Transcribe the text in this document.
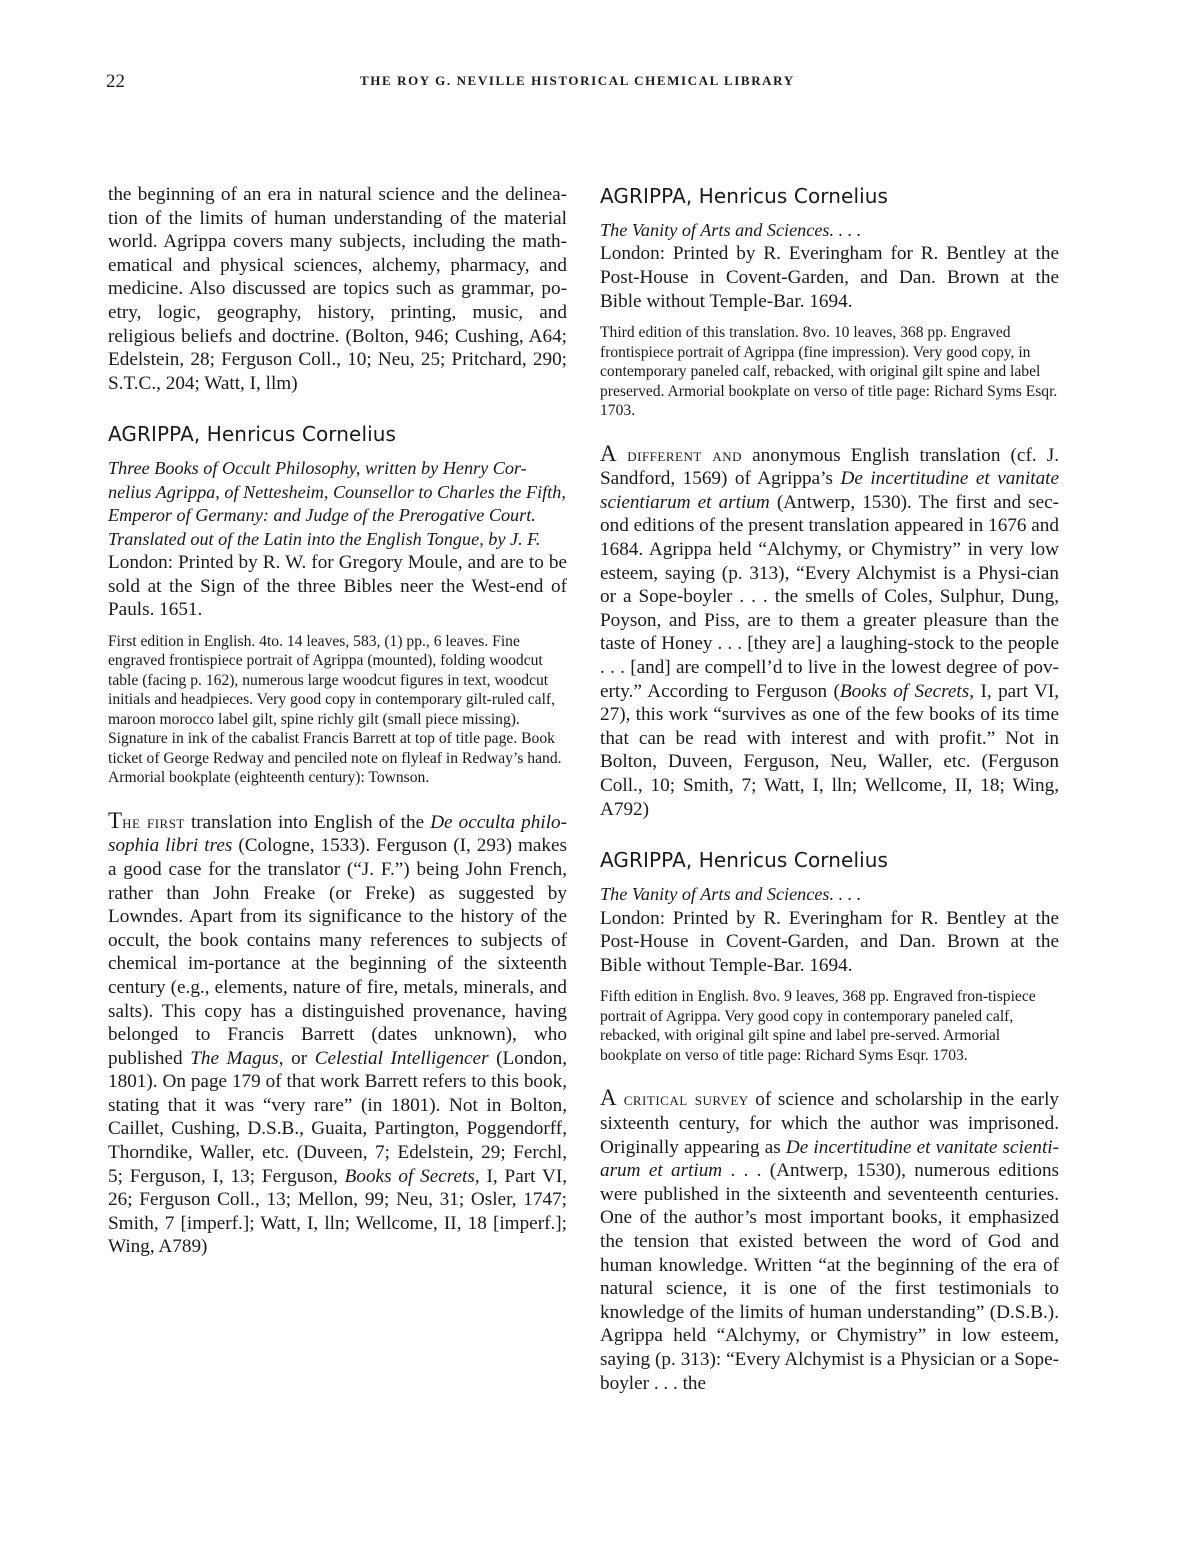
22	THE ROY G. NEVILLE HISTORICAL CHEMICAL LIBRARY

the beginning of an era in natural science and the delinea-tion of the limits of human understanding of the material world. Agrippa covers many subjects, including the math-ematical and physical sciences, alchemy, pharmacy, and medicine. Also discussed are topics such as grammar, po-etry, logic, geography, history, printing, music, and religious beliefs and doctrine. (Bolton, 946; Cushing, A64; Edelstein, 28; Ferguson Coll., 10; Neu, 25; Pritchard, 290; S.T.C., 204; Watt, I, llm)

AGRIPPA, Henricus Cornelius

Three Books of Occult Philosophy, written by Henry Cor-nelius Agrippa, of Nettesheim, Counsellor to Charles the Fifth, Emperor of Germany: and Judge of the Prerogative Court. Translated out of the Latin into the English Tongue, by J. F.

London: Printed by R. W. for Gregory Moule, and are to be sold at the Sign of the three Bibles neer the West-end of Pauls. 1651.

First edition in English. 4to. 14 leaves, 583, (1) pp., 6 leaves. Fine engraved frontispiece portrait of Agrippa (mounted), folding woodcut table (facing p. 162), numerous large woodcut figures in text, woodcut initials and headpieces. Very good copy in contemporary gilt-ruled calf, maroon morocco label gilt, spine richly gilt (small piece missing). Signature in ink of the cabalist Francis Barrett at top of title page. Book ticket of George Redway and penciled note on flyleaf in Redway’s hand. Armorial bookplate (eighteenth century): Townson.

The first translation into English of the De occulta philo-sophia libri tres (Cologne, 1533). Ferguson (I, 293) makes a good case for the translator (“J. F.”) being John French, rather than John Freake (or Freke) as suggested by Lowndes. Apart from its significance to the history of the occult, the book contains many references to subjects of chemical im-portance at the beginning of the sixteenth century (e.g., elements, nature of fire, metals, minerals, and salts). This copy has a distinguished provenance, having belonged to Francis Barrett (dates unknown), who published The Magus, or Celestial Intelligencer (London, 1801). On page 179 of that work Barrett refers to this book, stating that it was “very rare” (in 1801). Not in Bolton, Caillet, Cushing, D.S.B., Guaita, Partington, Poggendorff, Thorndike, Waller, etc. (Duveen, 7; Edelstein, 29; Ferchl, 5; Ferguson, I, 13; Ferguson, Books of Secrets, I, Part VI, 26; Ferguson Coll., 13; Mellon, 99; Neu, 31; Osler, 1747; Smith, 7 [imperf.]; Watt, I, lln; Wellcome, II, 18 [imperf.]; Wing, A789)

AGRIPPA, Henricus Cornelius

The Vanity of Arts and Sciences. . . .

London: Printed by R. Everingham for R. Bentley at the Post-House in Covent-Garden, and Dan. Brown at the Bible without Temple-Bar. 1694.

Third edition of this translation. 8vo. 10 leaves, 368 pp. Engraved frontispiece portrait of Agrippa (fine impression). Very good copy, in contemporary paneled calf, rebacked, with original gilt spine and label preserved. Armorial bookplate on verso of title page: Richard Syms Esqr. 1703.

A different and anonymous English translation (cf. J. Sandford, 1569) of Agrippa’s De incertitudine et vanitate scientiarum et artium (Antwerp, 1530). The first and sec-ond editions of the present translation appeared in 1676 and 1684. Agrippa held “Alchymy, or Chymistry” in very low esteem, saying (p. 313), “Every Alchymist is a Physi-cian or a Sope-boyler . . . the smells of Coles, Sulphur, Dung, Poyson, and Piss, are to them a greater pleasure than the taste of Honey . . . [they are] a laughing-stock to the people . . . [and] are compell’d to live in the lowest degree of pov-erty.” According to Ferguson (Books of Secrets, I, part VI, 27), this work “survives as one of the few books of its time that can be read with interest and with profit.” Not in Bolton, Duveen, Ferguson, Neu, Waller, etc. (Ferguson Coll., 10; Smith, 7; Watt, I, lln; Wellcome, II, 18; Wing, A792)

AGRIPPA, Henricus Cornelius

The Vanity of Arts and Sciences. . . .

London: Printed by R. Everingham for R. Bentley at the Post-House in Covent-Garden, and Dan. Brown at the Bible without Temple-Bar. 1694.

Fifth edition in English. 8vo. 9 leaves, 368 pp. Engraved fron-tispiece portrait of Agrippa. Very good copy in contemporary paneled calf, rebacked, with original gilt spine and label pre-served. Armorial bookplate on verso of title page: Richard Syms Esqr. 1703.

A critical survey of science and scholarship in the early sixteenth century, for which the author was imprisoned. Originally appearing as De incertitudine et vanitate scienti-arum et artium . . . (Antwerp, 1530), numerous editions were published in the sixteenth and seventeenth centuries. One of the author’s most important books, it emphasized the tension that existed between the word of God and human knowledge. Written “at the beginning of the era of natural science, it is one of the first testimonials to knowledge of the limits of human understanding” (D.S.B.). Agrippa held “Alchymy, or Chymistry” in low esteem, saying (p. 313): “Every Alchymist is a Physician or a Sope-boyler . . . the
